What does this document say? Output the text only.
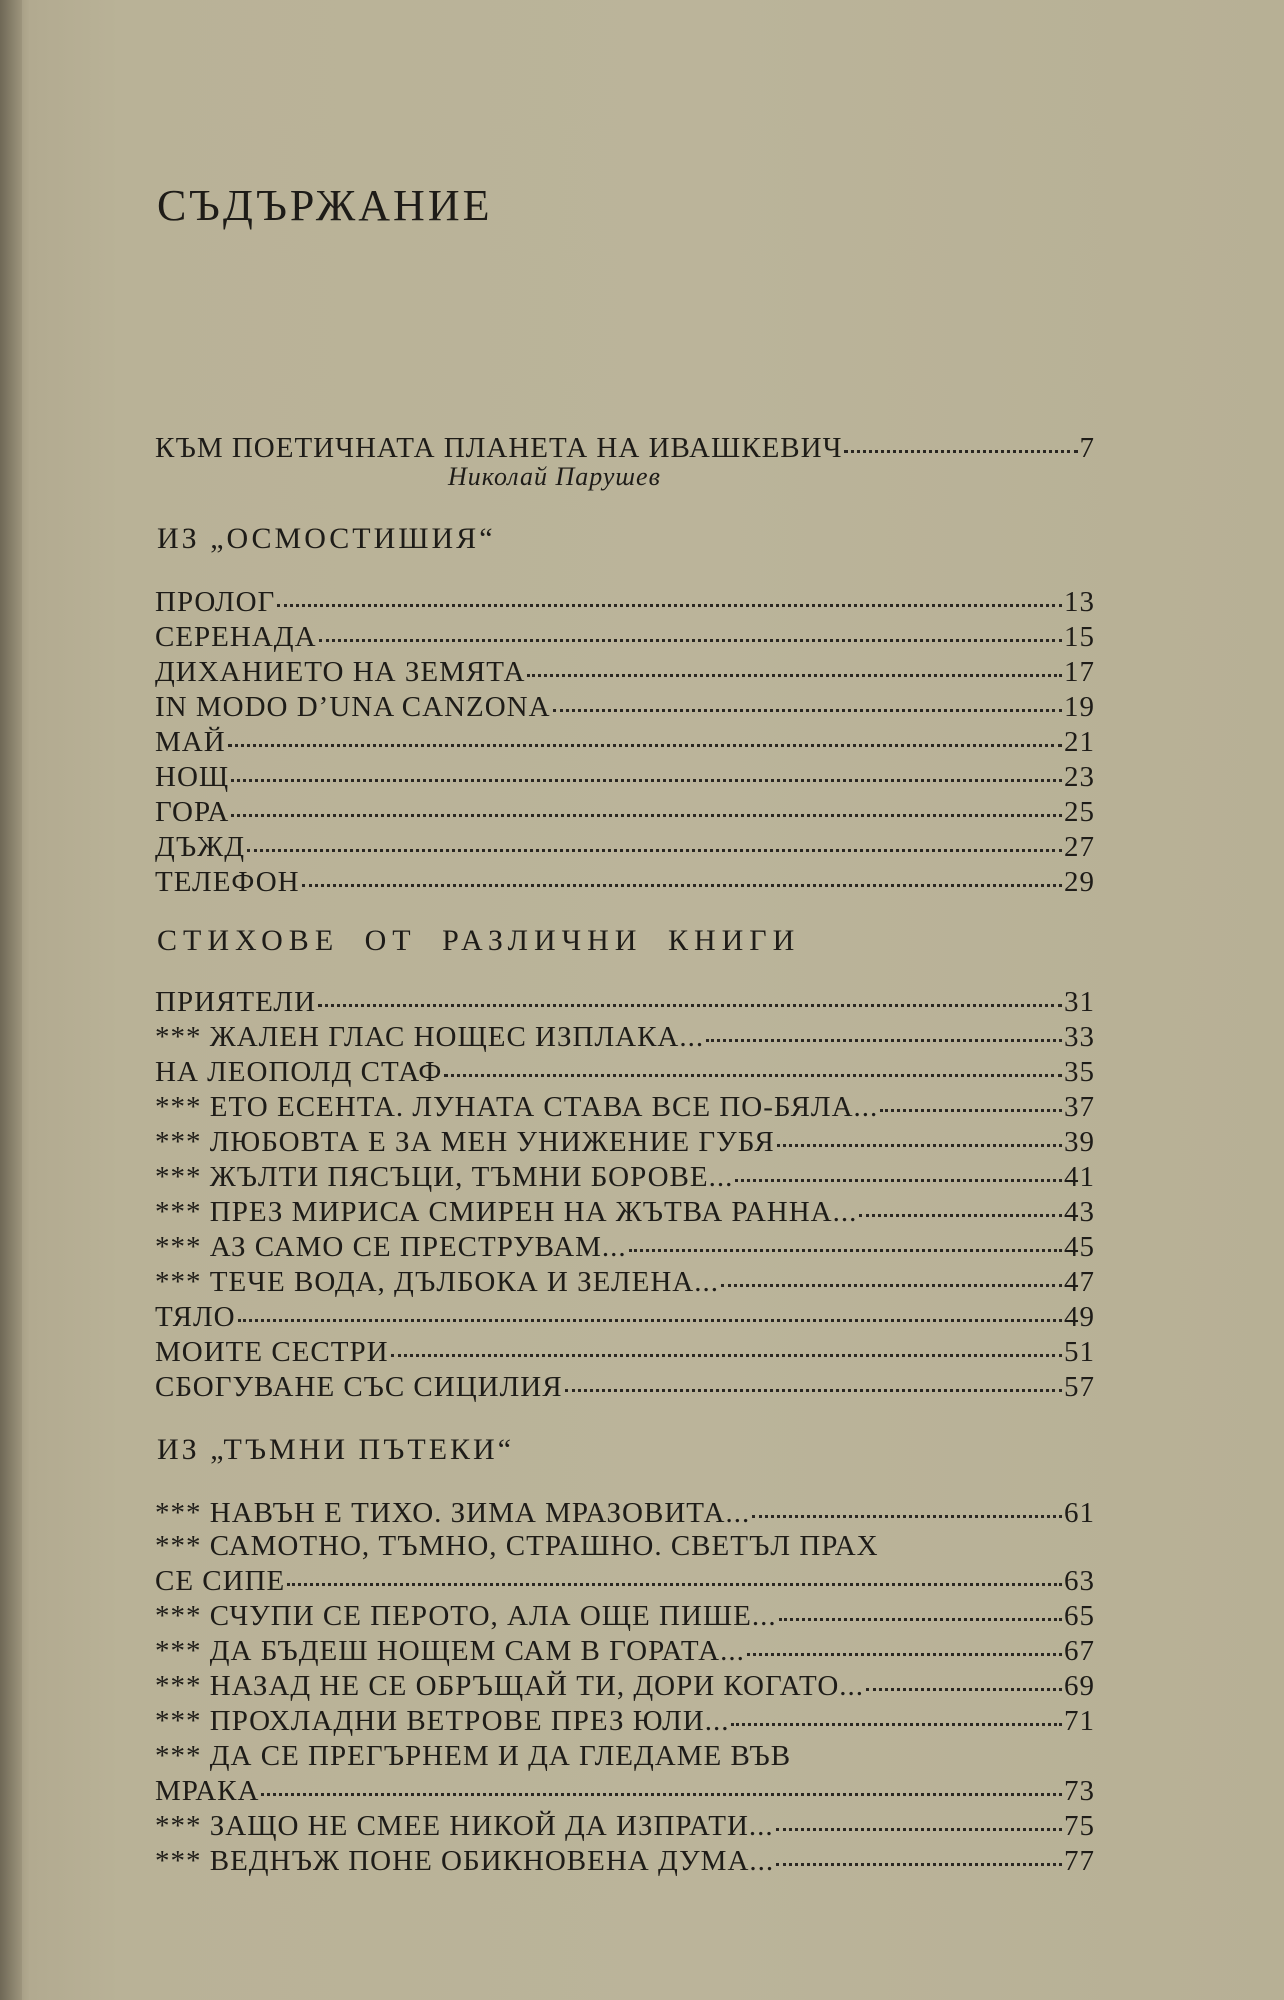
СЪДЪРЖАНИЕ
КЪМ ПОЕТИЧНАТА ПЛАНЕТА НА ИВАШКЕВИЧ	7
Николай Парушев
ИЗ „ОСМОСТИШИЯ“
ПРОЛОГ	13
СЕРЕНАДА	15
ДИХАНИЕТО НА ЗЕМЯТА	17
IN MODO D’UNA CANZONA	19
МАЙ	21
НОЩ	23
ГОРА	25
ДЪЖД	27
ТЕЛЕФОН	29
СТИХОВЕ ОТ РАЗЛИЧНИ КНИГИ
ПРИЯТЕЛИ	31
*** ЖАЛЕН ГЛАС НОЩЕС ИЗПЛАКА...	33
НА ЛЕОПОЛД СТАФ	35
*** ЕТО ЕСЕНТА. ЛУНАТА СТАВА ВСЕ ПО-БЯЛА...	37
*** ЛЮБОВТА Е ЗА МЕН УНИЖЕНИЕ ГУБЯ	39
*** ЖЪЛТИ ПЯСЪЦИ, ТЪМНИ БОРОВЕ...	41
*** ПРЕЗ МИРИСА СМИРЕН НА ЖЪТВА РАННА...	43
*** АЗ САМО СЕ ПРЕСТРУВАМ...	45
*** ТЕЧЕ ВОДА, ДЪЛБОКА И ЗЕЛЕНА...	47
ТЯЛО	49
МОИТЕ СЕСТРИ	51
СБОГУВАНЕ СЪС СИЦИЛИЯ	57
ИЗ „ТЪМНИ ПЪТЕКИ“
*** НАВЪН Е ТИХО. ЗИМА МРАЗОВИТА...	61
*** САМОТНО, ТЪМНО, СТРАШНО. СВЕТЪЛ ПРАХ
СЕ СИПЕ	63
*** СЧУПИ СЕ ПЕРОТО, АЛА ОЩЕ ПИШЕ...	65
*** ДА БЪДЕШ НОЩЕМ САМ В ГОРАТА...	67
*** НАЗАД НЕ СЕ ОБРЪЩАЙ ТИ, ДОРИ КОГАТО...	69
*** ПРОХЛАДНИ ВЕТРОВЕ ПРЕЗ ЮЛИ...	71
*** ДА СЕ ПРЕГЪРНЕМ И ДА ГЛЕДАМЕ ВЪВ
МРАКА	73
*** ЗАЩО НЕ СМЕЕ НИКОЙ ДА ИЗПРАТИ...	75
*** ВЕДНЪЖ ПОНЕ ОБИКНОВЕНА ДУМА...	77
